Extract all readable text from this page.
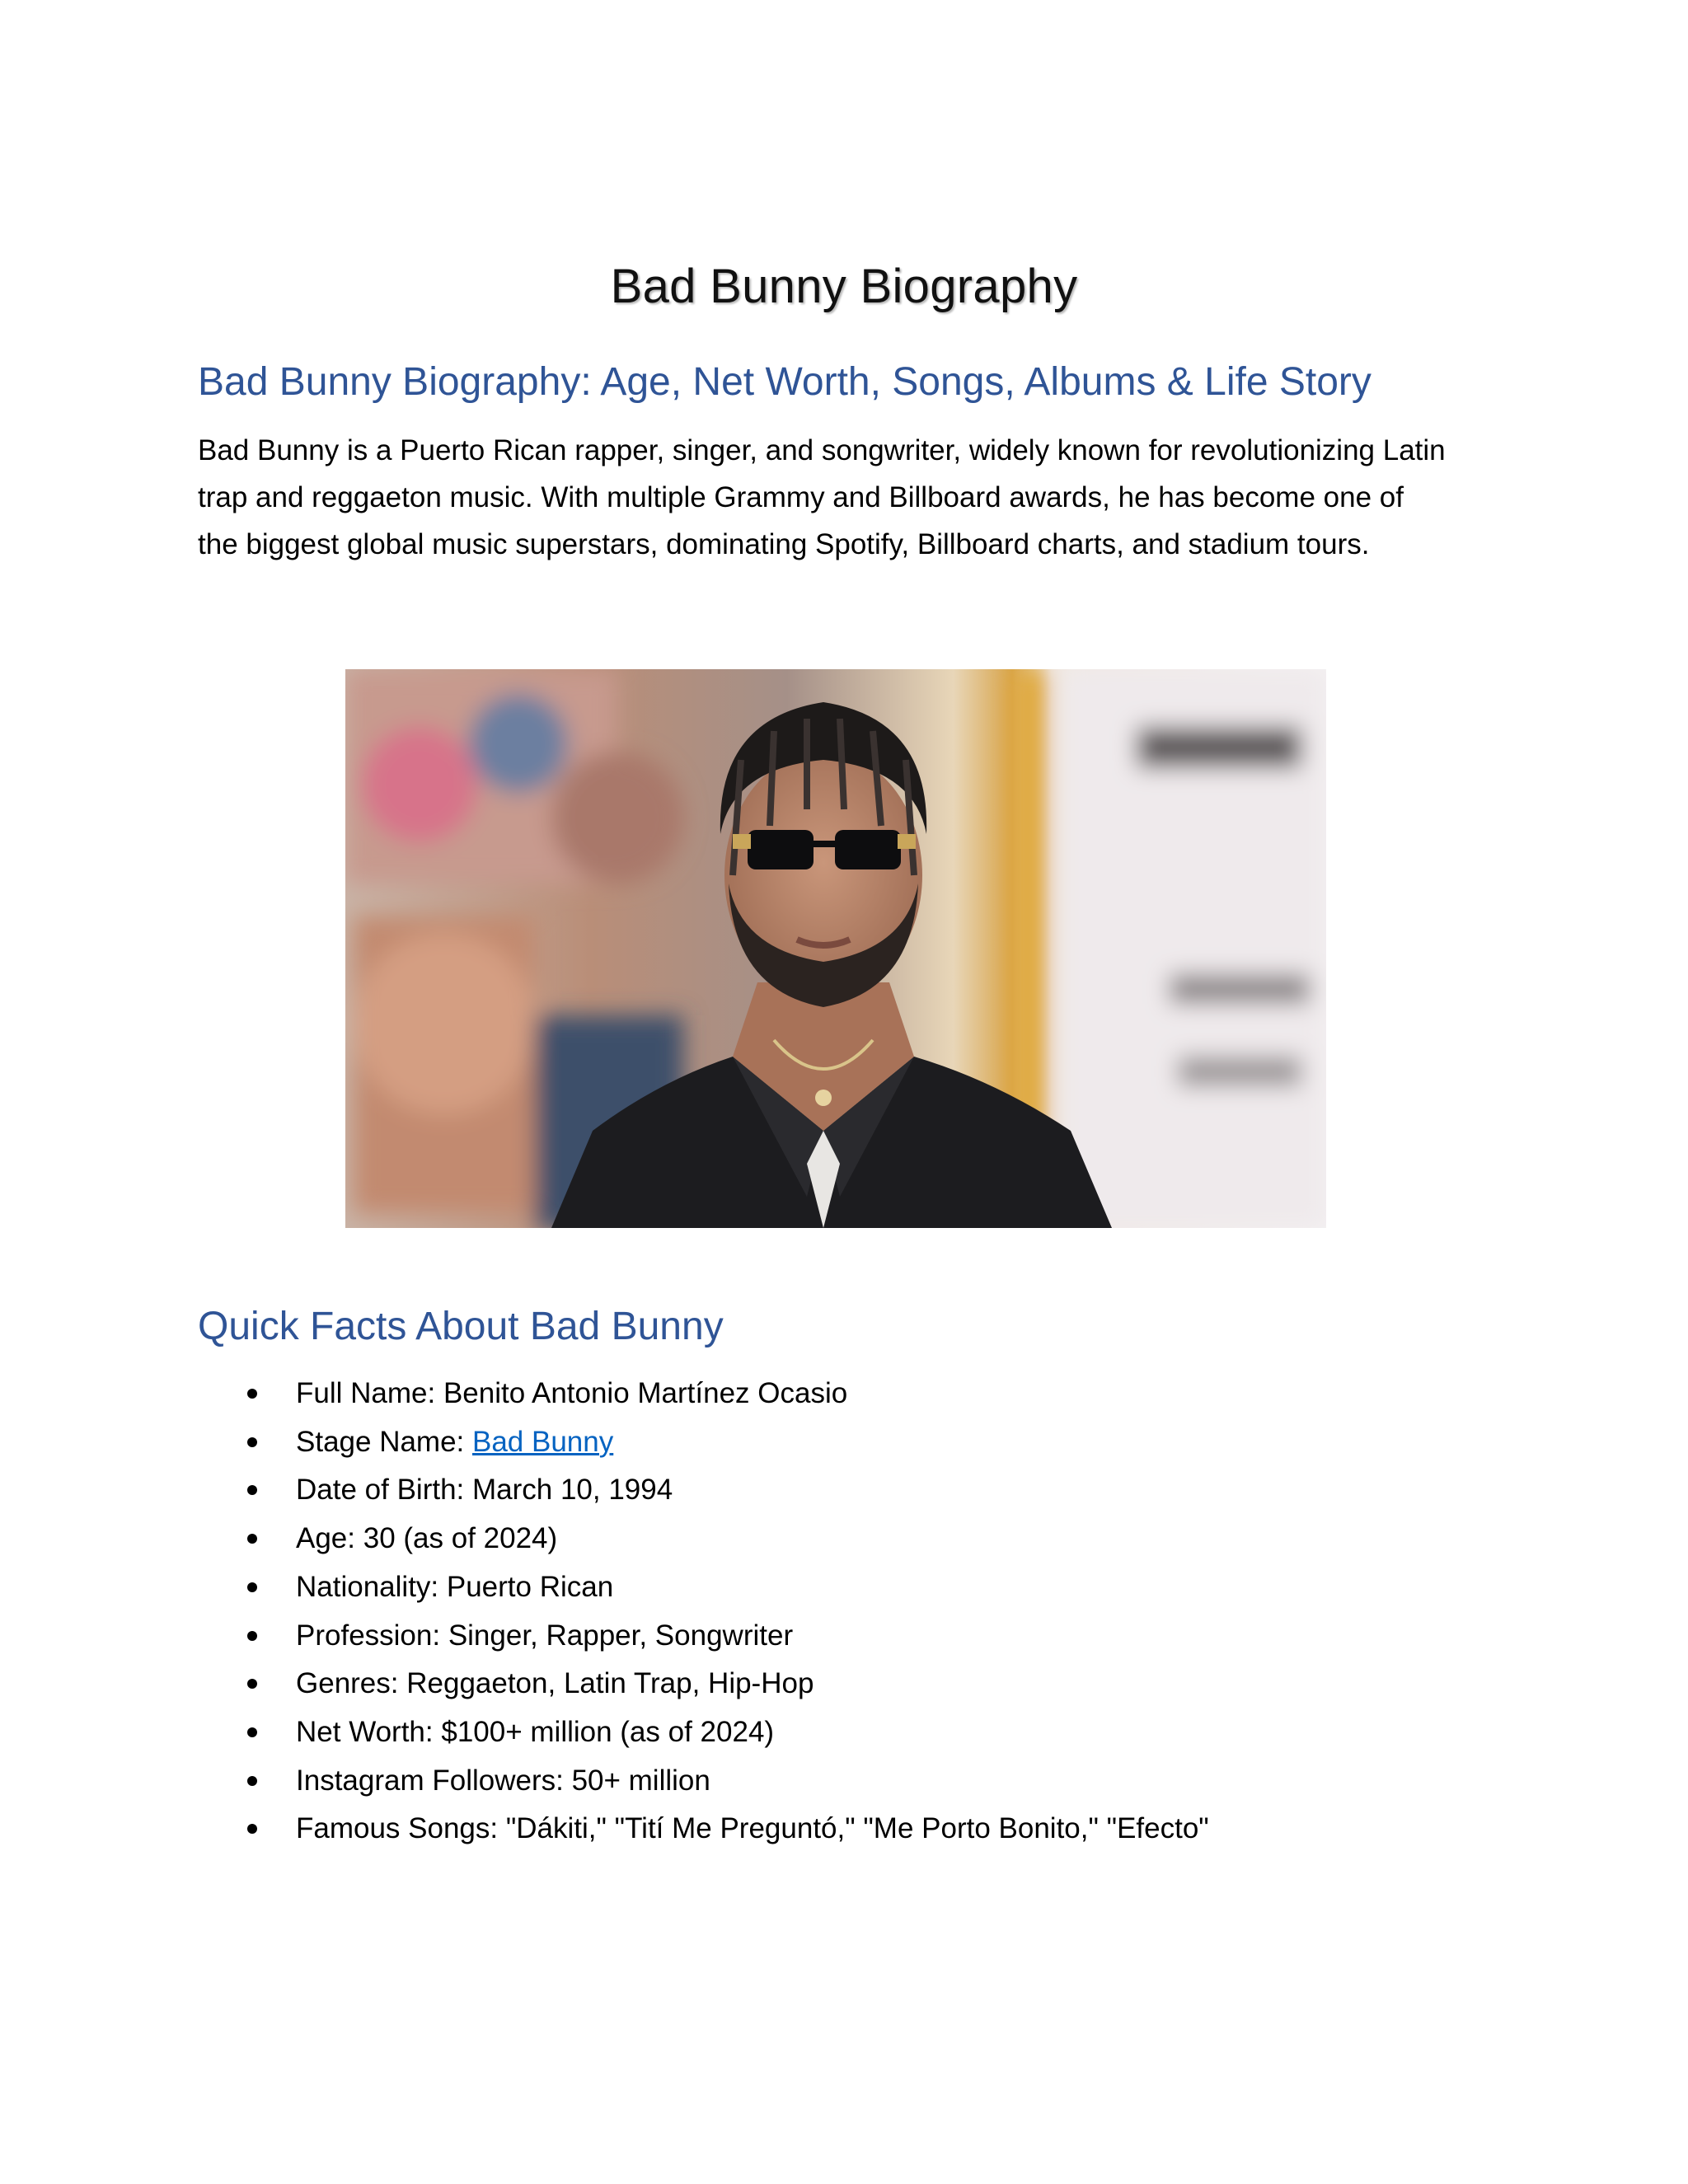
Bad Bunny Biography
Bad Bunny Biography: Age, Net Worth, Songs, Albums & Life Story

Bad Bunny is a Puerto Rican rapper, singer, and songwriter, widely known for revolutionizing Latin trap and reggaeton music. With multiple Grammy and Billboard awards, he has become one of the biggest global music superstars, dominating Spotify, Billboard charts, and stadium tours.

Quick Facts About Bad Bunny
Full Name: Benito Antonio Martínez Ocasio
Stage Name: Bad Bunny
Date of Birth: March 10, 1994
Age: 30 (as of 2024)
Nationality: Puerto Rican
Profession: Singer, Rapper, Songwriter
Genres: Reggaeton, Latin Trap, Hip-Hop
Net Worth: $100+ million (as of 2024)
Instagram Followers: 50+ million
Famous Songs: "Dákiti," "Tití Me Preguntó," "Me Porto Bonito," "Efecto"
